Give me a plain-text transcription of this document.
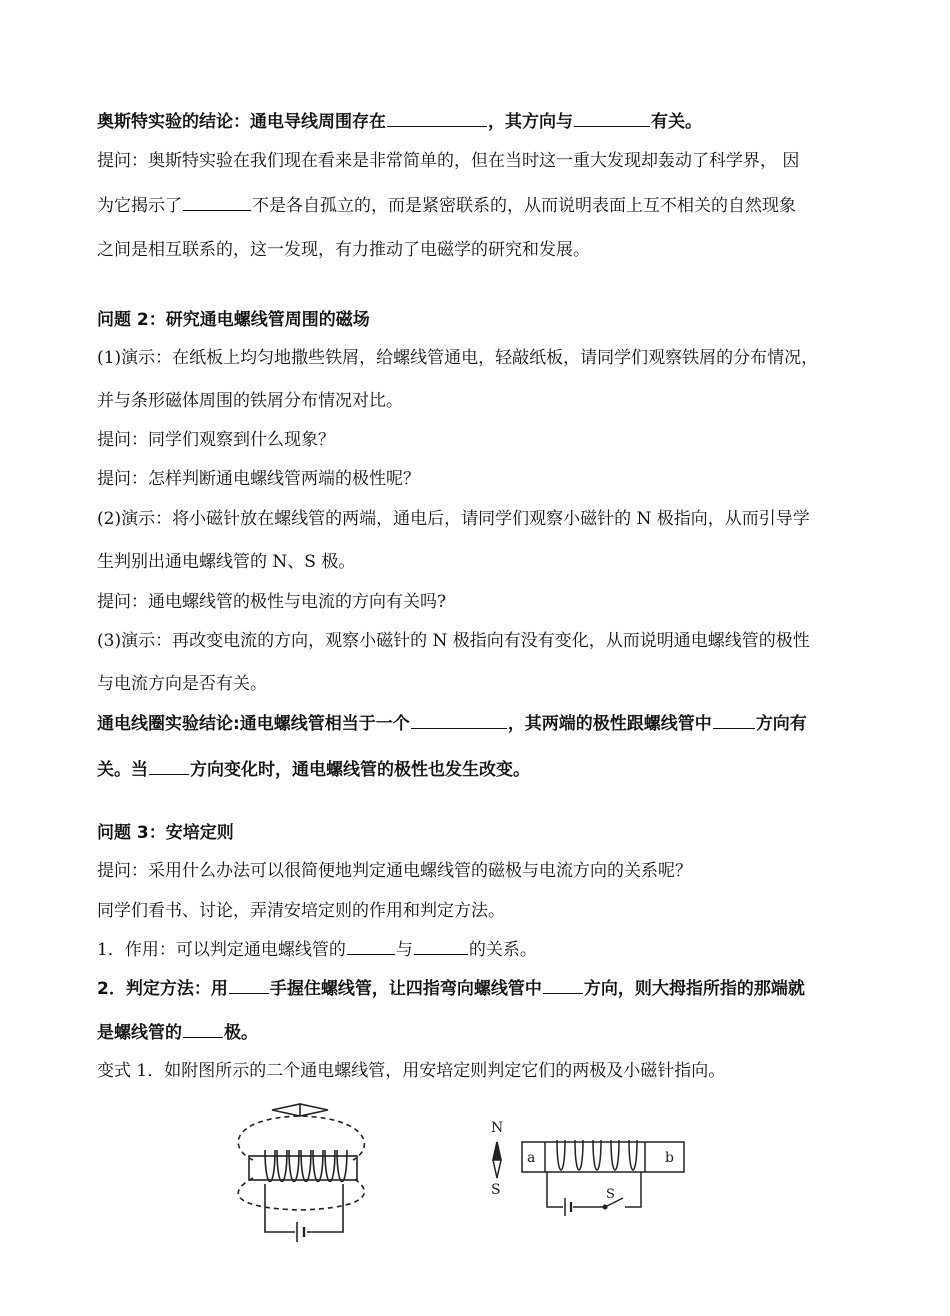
奥斯特实验的结论：通电导线周围存在	，其方向与	有关。
提问：奥斯特实验在我们现在看来是非常简单的，但在当时这一重大发现却轰动了科学界， 因
为它揭示了	不是各自孤立的，而是紧密联系的，从而说明表面上互不相关的自然现象
之间是相互联系的，这一发现，有力推动了电磁学的研究和发展。
问题 2：研究通电螺线管周围的磁场
(1)演示：在纸板上均匀地撒些铁屑，给螺线管通电，轻敲纸板，请同学们观察铁屑的分布情况，
并与条形磁体周围的铁屑分布情况对比。
提问：同学们观察到什么现象？
提问：怎样判断通电螺线管两端的极性呢？
(2)演示：将小磁针放在螺线管的两端，通电后，请同学们观察小磁针的 N 极指向，从而引导学
生判别出通电螺线管的 N、S 极。
提问：通电螺线管的极性与电流的方向有关吗?
(3)演示：再改变电流的方向，观察小磁针的 N 极指向有没有变化，从而说明通电螺线管的极性
与电流方向是否有关。
通电线圈实验结论:通电螺线管相当于一个	，其两端的极性跟螺线管中	方向有
关。当 方向变化时，通电螺线管的极性也发生改变。
问题 3：安培定则
提问：采用什么办法可以很简便地判定通电螺线管的磁极与电流方向的关系呢？
同学们看书、讨论，弄清安培定则的作用和判定方法。
1．作用：可以判定通电螺线管的	与	的关系。
2．判定方法：用 手握住螺线管，让四指弯向螺线管中 方向，则大拇指所指的那端就
是螺线管的 极。
变式 1．如附图所示的二个通电螺线管，用安培定则判定它们的两极及小磁针指向。
N
S
a	b
S
